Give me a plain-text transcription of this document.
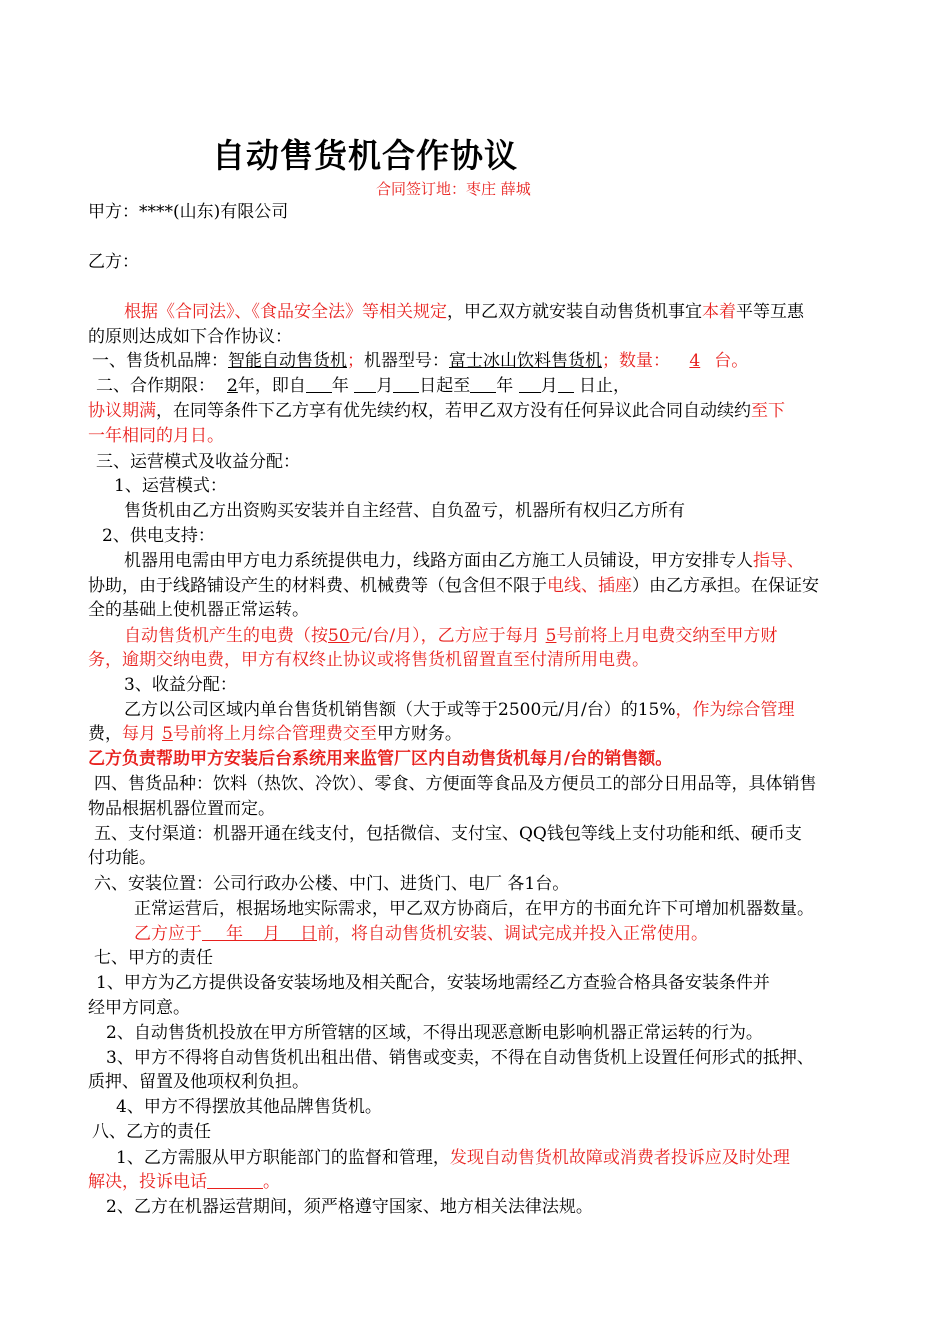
自动售货机合作协议
合同签订地：枣庄 薛城
甲方：****(山东)有限公司
乙方：
根据《合同法》、《食品安全法》等相关规定，甲乙双方就安装自动售货机事宜本着平等互惠
的原则达成如下合作协议：
一、售货机品牌：智能自动售货机；机器型号：富士冰山饮料售货机；数量： 4 台。
二、合作期限： 2年，即自 年 月 日起至 年 月 日止，
协议期满，在同等条件下乙方享有优先续约权，若甲乙双方没有任何异议此合同自动续约至下
一年相同的月日。
三、运营模式及收益分配：
1、运营模式：
售货机由乙方出资购买安装并自主经营、自负盈亏，机器所有权归乙方所有
2、供电支持：
机器用电需由甲方电力系统提供电力，线路方面由乙方施工人员铺设，甲方安排专人指导、
协助，由于线路铺设产生的材料费、机械费等（包含但不限于电线、插座）由乙方承担。在保证安
全的基础上使机器正常运转。
自动售货机产生的电费（按50元/台/月），乙方应于每月 5号前将上月电费交纳至甲方财
务，逾期交纳电费，甲方有权终止协议或将售货机留置直至付清所用电费。
3、收益分配：
乙方以公司区域内单台售货机销售额（大于或等于2500元/月/台）的15%，作为综合管理
费，每月 5号前将上月综合管理费交至甲方财务。
乙方负责帮助甲方安装后台系统用来监管厂区内自动售货机每月/台的销售额。
四、售货品种：饮料（热饮、冷饮）、零食、方便面等食品及方便员工的部分日用品等，具体销售
物品根据机器位置而定。
五、支付渠道：机器开通在线支付，包括微信、支付宝、QQ钱包等线上支付功能和纸、硬币支
付功能。
六、安装位置：公司行政办公楼、中门、进货门、电厂 各1台。
正常运营后，根据场地实际需求，甲乙双方协商后，在甲方的书面允许下可增加机器数量。
乙方应于 年 月 日前，将自动售货机安装、调试完成并投入正常使用。
七、甲方的责任
1、甲方为乙方提供设备安装场地及相关配合，安装场地需经乙方查验合格具备安装条件并
经甲方同意。
2、自动售货机投放在甲方所管辖的区域，不得出现恶意断电影响机器正常运转的行为。
3、甲方不得将自动售货机出租出借、销售或变卖，不得在自动售货机上设置任何形式的抵押、
质押、留置及他项权利负担。
4、甲方不得摆放其他品牌售货机。
八、乙方的责任
1、乙方需服从甲方职能部门的监督和管理，发现自动售货机故障或消费者投诉应及时处理
解决，投诉电话	。
2、乙方在机器运营期间，须严格遵守国家、地方相关法律法规。
